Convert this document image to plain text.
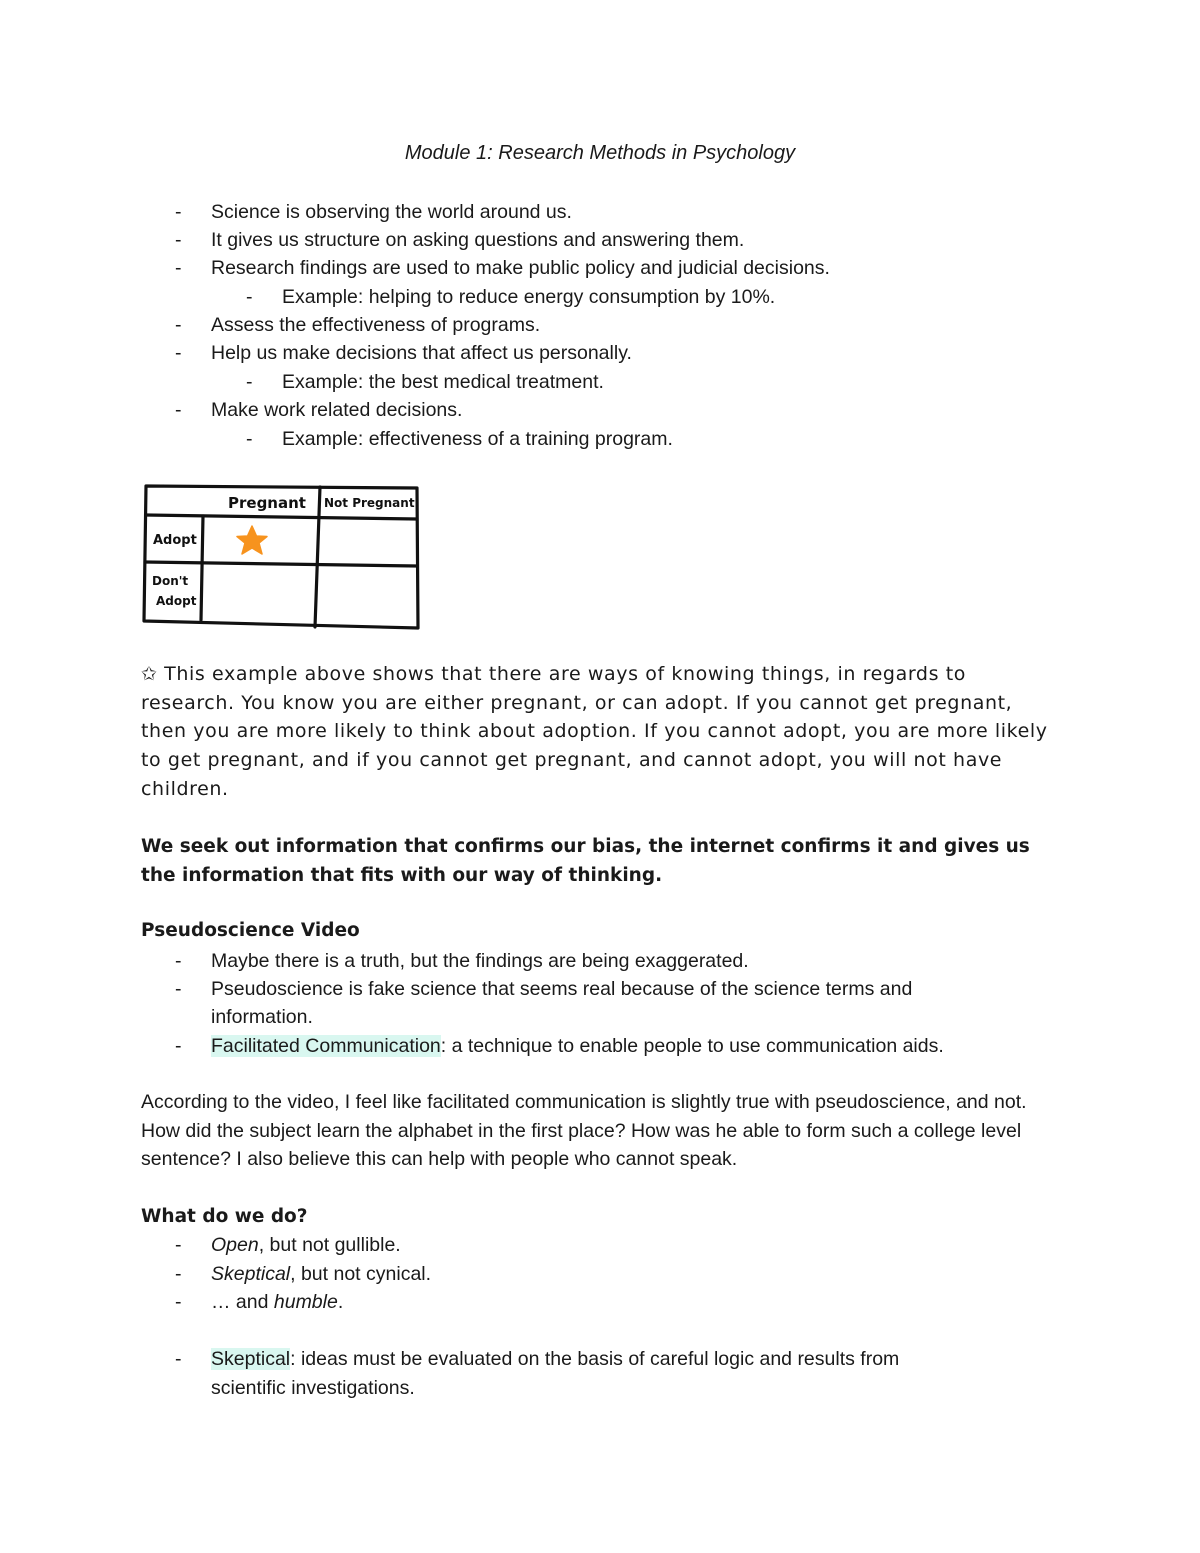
Module 1: Research Methods in Psychology
- Science is observing the world around us.
- It gives us structure on asking questions and answering them.
- Research findings are used to make public policy and judicial decisions.
- Example: helping to reduce energy consumption by 10%.
- Assess the effectiveness of programs.
- Help us make decisions that affect us personally.
- Example: the best medical treatment.
- Make work related decisions.
- Example: effectiveness of a training program.
Pregnant Not Pregnant
Adopt
Don't
Adopt
✩ This example above shows that there are ways of knowing things, in regards to research. You know you are either pregnant, or can adopt. If you cannot get pregnant, then you are more likely to think about adoption. If you cannot adopt, you are more likely to get pregnant, and if you cannot get pregnant, and cannot adopt, you will not have children.
We seek out information that confirms our bias, the internet confirms it and gives us the information that fits with our way of thinking.
Pseudoscience Video
- Maybe there is a truth, but the findings are being exaggerated.
- Pseudoscience is fake science that seems real because of the science terms and
information.
- Facilitated Communication: a technique to enable people to use communication aids.
According to the video, I feel like facilitated communication is slightly true with pseudoscience, and not. How did the subject learn the alphabet in the first place? How was he able to form such a college level sentence? I also believe this can help with people who cannot speak.
What do we do?
- Open, but not gullible.
- Skeptical, but not cynical.
- … and humble.
- Skeptical: ideas must be evaluated on the basis of careful logic and results from
scientific investigations.
